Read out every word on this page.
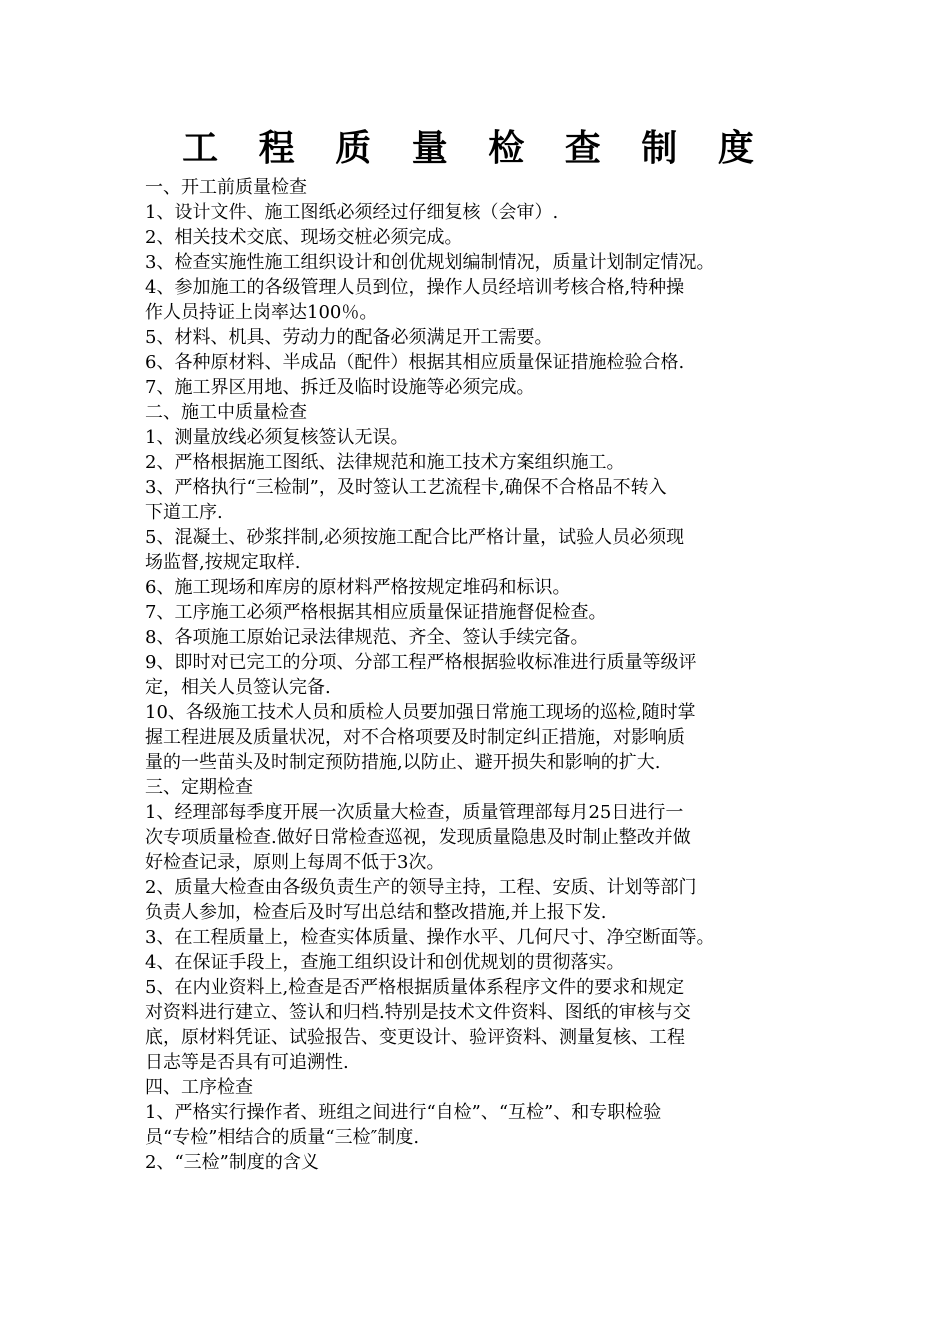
工 程 质 量 检 查 制 度
一、开工前质量检查
1、设计文件、施工图纸必须经过仔细复核（会审）.
2、相关技术交底、现场交桩必须完成。
3、检查实施性施工组织设计和创优规划编制情况，质量计划制定情况。
4、参加施工的各级管理人员到位，操作人员经培训考核合格,特种操
作人员持证上岗率达100％。
5、材料、机具、劳动力的配备必须满足开工需要。
6、各种原材料、半成品（配件）根据其相应质量保证措施检验合格.
7、施工界区用地、拆迁及临时设施等必须完成。
二、施工中质量检查
1、测量放线必须复核签认无误。
2、严格根据施工图纸、法律规范和施工技术方案组织施工。
3、严格执行“三检制”，及时签认工艺流程卡,确保不合格品不转入
下道工序.
5、混凝土、砂浆拌制,必须按施工配合比严格计量，试验人员必须现
场监督,按规定取样.
6、施工现场和库房的原材料严格按规定堆码和标识。
7、工序施工必须严格根据其相应质量保证措施督促检查。
8、各项施工原始记录法律规范、齐全、签认手续完备。
9、即时对已完工的分项、分部工程严格根据验收标准进行质量等级评
定，相关人员签认完备.
10、各级施工技术人员和质检人员要加强日常施工现场的巡检,随时掌
握工程进展及质量状况，对不合格项要及时制定纠正措施，对影响质
量的一些苗头及时制定预防措施,以防止、避开损失和影响的扩大.
三、定期检查
1、经理部每季度开展一次质量大检查，质量管理部每月25日进行一
次专项质量检查.做好日常检查巡视，发现质量隐患及时制止整改并做
好检查记录，原则上每周不低于3次。
2、质量大检查由各级负责生产的领导主持，工程、安质、计划等部门
负责人参加，检查后及时写出总结和整改措施,并上报下发.
3、在工程质量上，检查实体质量、操作水平、几何尺寸、净空断面等。
4、在保证手段上，查施工组织设计和创优规划的贯彻落实。
5、在内业资料上,检查是否严格根据质量体系程序文件的要求和规定
对资料进行建立、签认和归档.特别是技术文件资料、图纸的审核与交
底，原材料凭证、试验报告、变更设计、验评资料、测量复核、工程
日志等是否具有可追溯性.
四、工序检查
1、严格实行操作者、班组之间进行“自检”、“互检”、和专职检验
员“专检”相结合的质量“三检″制度.
2、“三检”制度的含义
